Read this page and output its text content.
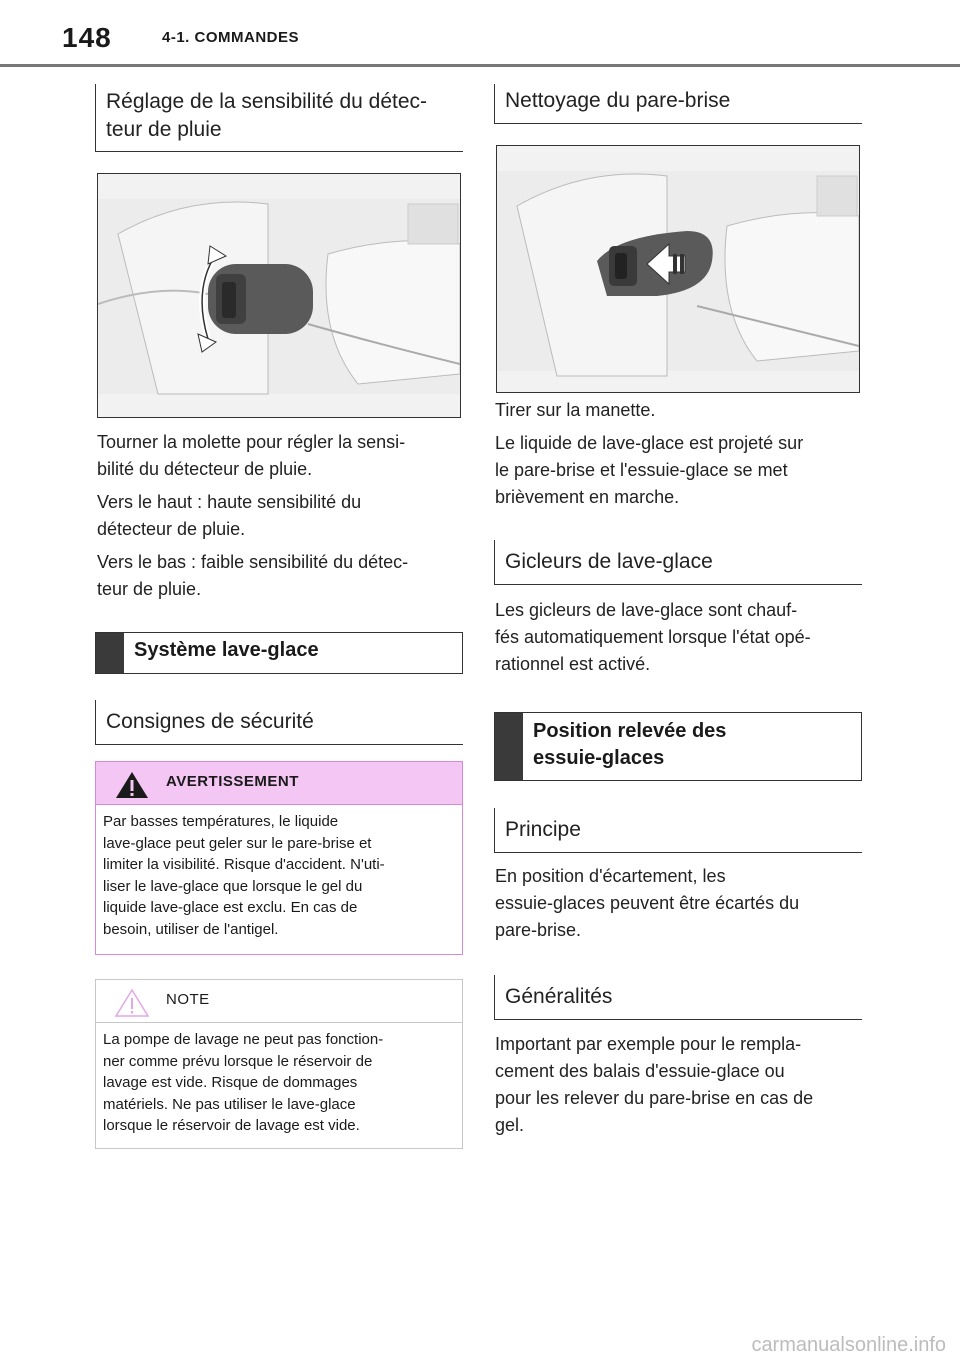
148	4-1. COMMANDES
Réglage de la sensibilité du détec-
teur de pluie

Tourner la molette pour régler la sensi-
bilité du détecteur de pluie.

Vers le haut : haute sensibilité du
détecteur de pluie.

Vers le bas : faible sensibilité du détec-
teur de pluie.

Système lave-glace
Consignes de sécurité
AVERTISSEMENT
Par basses températures, le liquide
lave-glace peut geler sur le pare-brise et
limiter la visibilité. Risque d'accident. N'uti-
liser le lave-glace que lorsque le gel du
liquide lave-glace est exclu. En cas de
besoin, utiliser de l'antigel.
NOTE
La pompe de lavage ne peut pas fonction-
ner comme prévu lorsque le réservoir de
lavage est vide. Risque de dommages
matériels. Ne pas utiliser le lave-glace
lorsque le réservoir de lavage est vide.
Nettoyage du pare-brise

Tirer sur la manette.

Le liquide de lave-glace est projeté sur
le pare-brise et l'essuie-glace se met
brièvement en marche.

Gicleurs de lave-glace

Les gicleurs de lave-glace sont chauf-
fés automatiquement lorsque l'état opé-
rationnel est activé.

Position relevée des
essuie-glaces
Principe

En position d'écartement, les
essuie-glaces peuvent être écartés du
pare-brise.

Généralités

Important par exemple pour le rempla-
cement des balais d'essuie-glace ou
pour les relever du pare-brise en cas de
gel.

carmanualsonline.info
